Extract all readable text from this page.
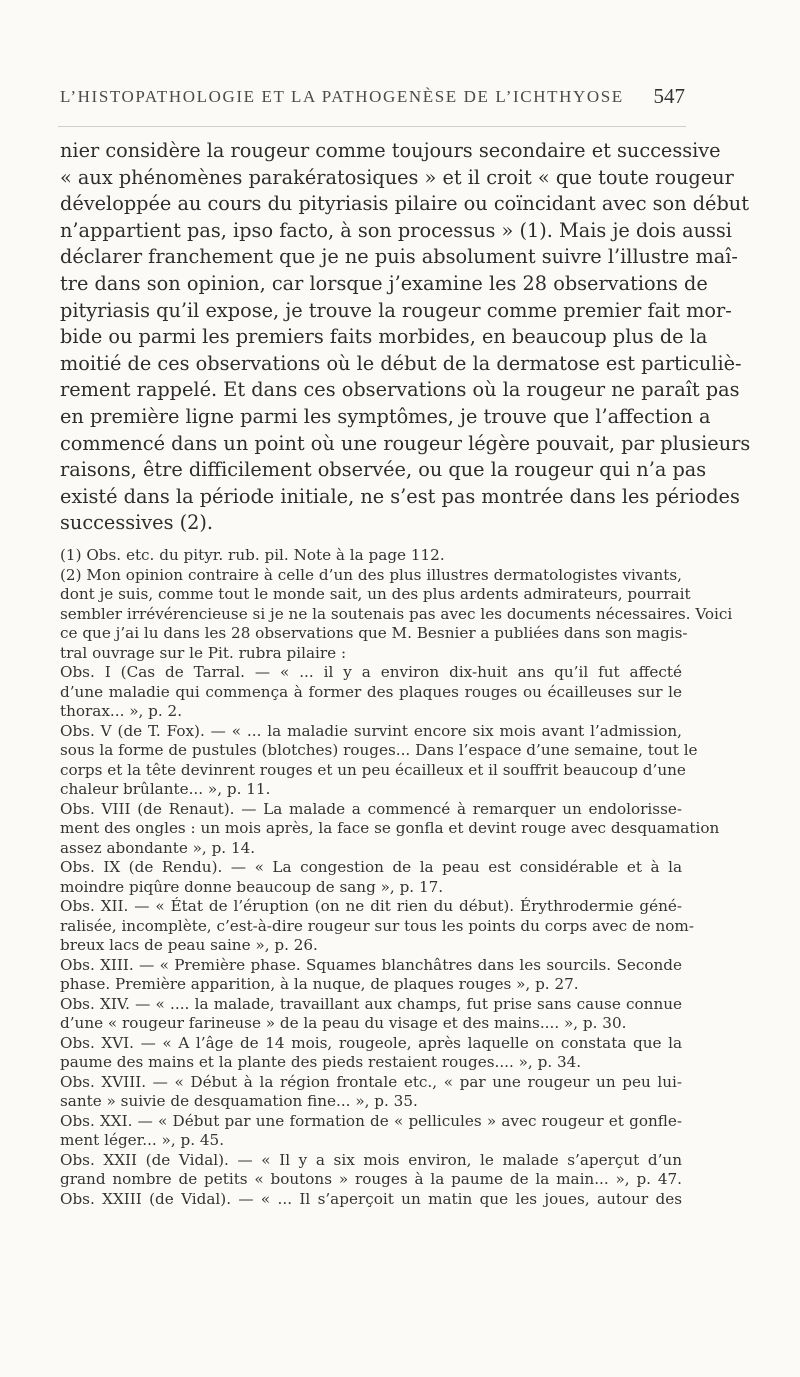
L’HISTOPATHOLOGIE ET LA PATHOGENÈSE DE L’ICHTHYOSE 547
nier considère la rougeur comme toujours secondaire et successive
« aux phénomènes parakératosiques » et il croit « que toute rougeur
développée au cours du pityriasis pilaire ou coïncidant avec son début
n’appartient pas, ipso facto, à son processus » (1). Mais je dois aussi
déclarer franchement que je ne puis absolument suivre l’illustre maî-
tre dans son opinion, car lorsque j’examine les 28 observations de
pityriasis qu’il expose, je trouve la rougeur comme premier fait mor-
bide ou parmi les premiers faits morbides, en beaucoup plus de la
moitié de ces observations où le début de la dermatose est particuliè-
rement rappelé. Et dans ces observations où la rougeur ne paraît pas
en première ligne parmi les symptômes, je trouve que l’affection a
commencé dans un point où une rougeur légère pouvait, par plusieurs
raisons, être difficilement observée, ou que la rougeur qui n’a pas
existé dans la période initiale, ne s’est pas montrée dans les périodes
successives (2).
(1) Obs. etc. du pityr. rub. pil. Note à la page 112.
(2) Mon opinion contraire à celle d’un des plus illustres dermatologistes vivants,
dont je suis, comme tout le monde sait, un des plus ardents admirateurs, pourrait
sembler irrévérencieuse si je ne la soutenais pas avec les documents nécessaires. Voici
ce que j’ai lu dans les 28 observations que M. Besnier a publiées dans son magis-
tral ouvrage sur le Pit. rubra pilaire :
Obs. I (Cas de Tarral. — « ... il y a environ dix-huit ans qu’il fut affecté
d’une maladie qui commença à former des plaques rouges ou écailleuses sur le
thorax... », p. 2.
Obs. V (de T. Fox). — « ... la maladie survint encore six mois avant l’admission,
sous la forme de pustules (blotches) rouges... Dans l’espace d’une semaine, tout le
corps et la tête devinrent rouges et un peu écailleux et il souffrit beaucoup d’une
chaleur brûlante... », p. 11.
Obs. VIII (de Renaut). — La malade a commencé à remarquer un endolorisse-
ment des ongles : un mois après, la face se gonfla et devint rouge avec desquamation
assez abondante », p. 14.
Obs. IX (de Rendu). — « La congestion de la peau est considérable et à la
moindre piqûre donne beaucoup de sang », p. 17.
Obs. XII. — « État de l’éruption (on ne dit rien du début). Érythrodermie géné-
ralisée, incomplète, c’est-à-dire rougeur sur tous les points du corps avec de nom-
breux lacs de peau saine », p. 26.
Obs. XIII. — « Première phase. Squames blanchâtres dans les sourcils. Seconde
phase. Première apparition, à la nuque, de plaques rouges », p. 27.
Obs. XIV. — « .... la malade, travaillant aux champs, fut prise sans cause connue
d’une « rougeur farineuse » de la peau du visage et des mains.... », p. 30.
Obs. XVI. — « A l’âge de 14 mois, rougeole, après laquelle on constata que la
paume des mains et la plante des pieds restaient rouges.... », p. 34.
Obs. XVIII. — « Début à la région frontale etc., « par une rougeur un peu lui-
sante » suivie de desquamation fine... », p. 35.
Obs. XXI. — « Début par une formation de « pellicules » avec rougeur et gonfle-
ment léger... », p. 45.
Obs. XXII (de Vidal). — « Il y a six mois environ, le malade s’aperçut d’un
grand nombre de petits « boutons » rouges à la paume de la main... », p. 47.
Obs. XXIII (de Vidal). — « ... Il s’aperçoit un matin que les joues, autour des
